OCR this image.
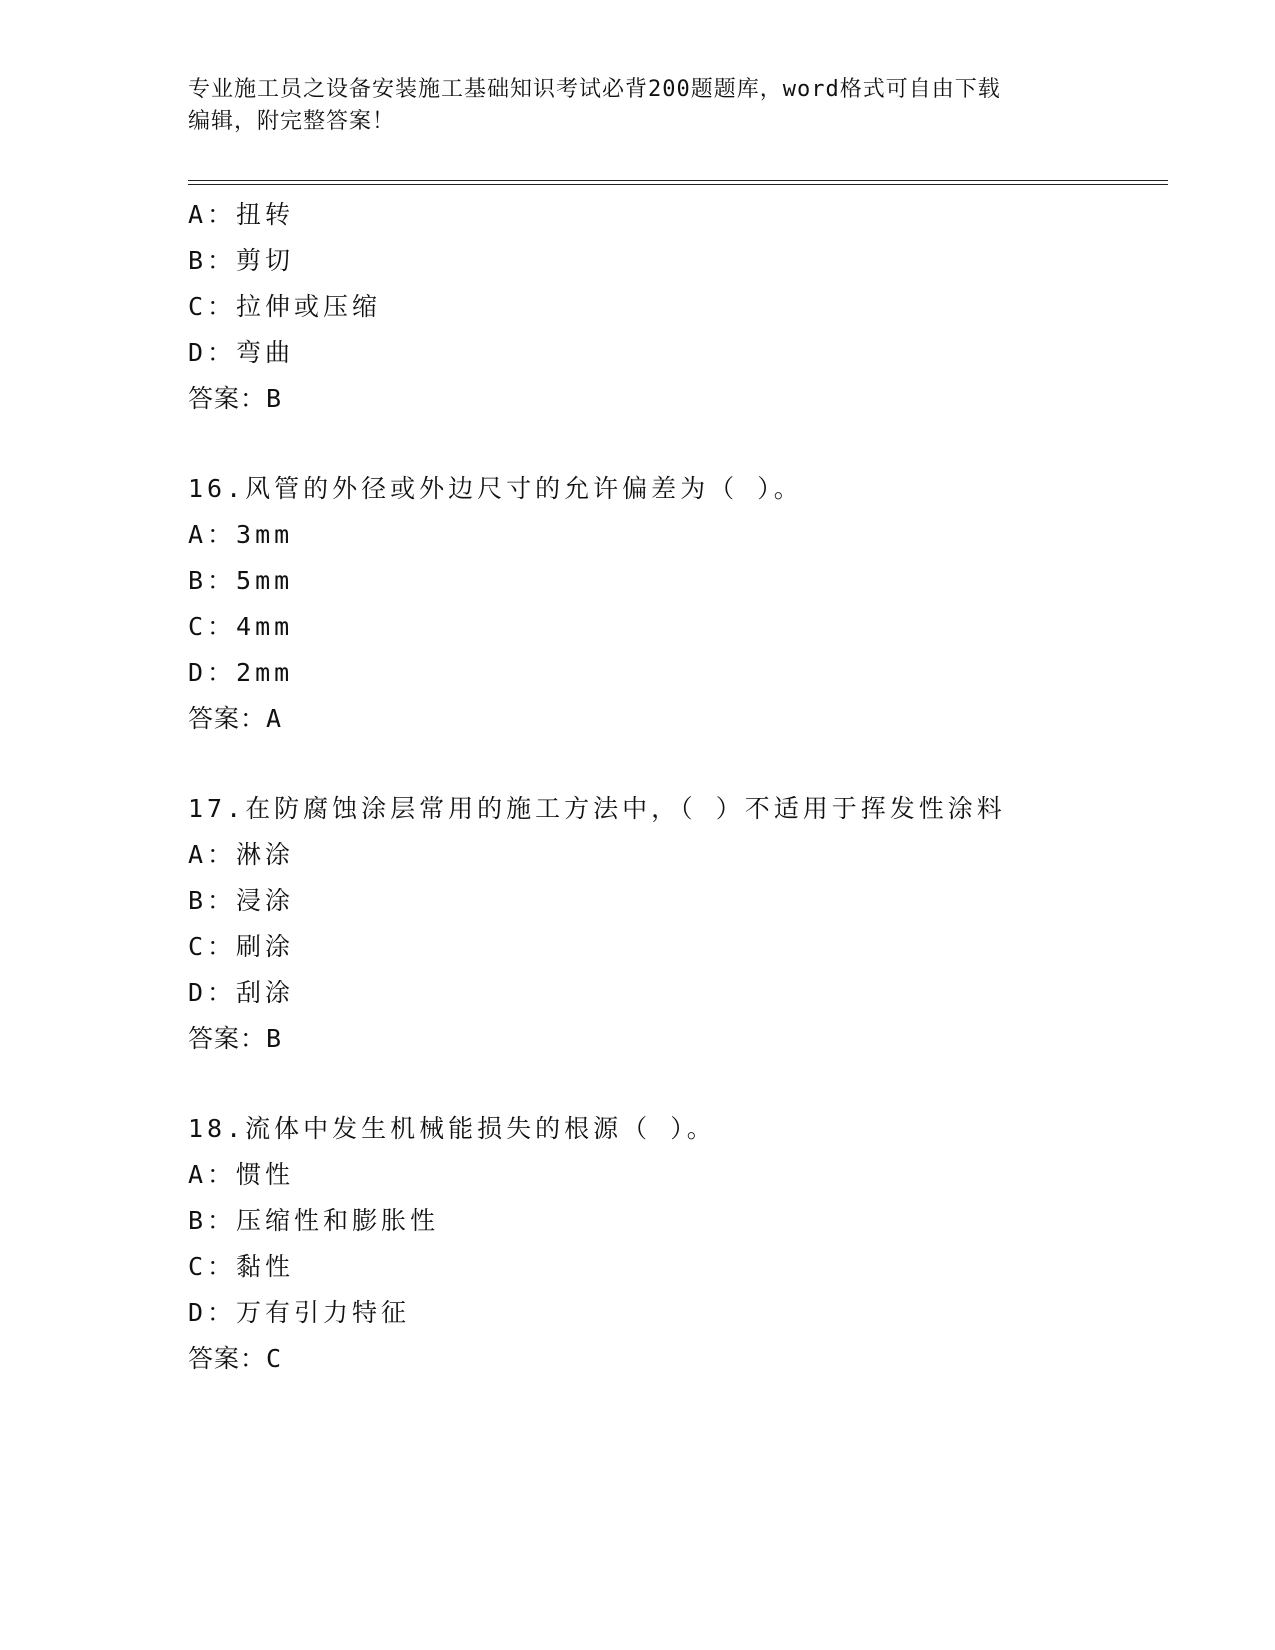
专业施工员之设备安装施工基础知识考试必背200题题库，word格式可自由下载
编辑，附完整答案！
A：扭转
B：剪切
C：拉伸或压缩
D：弯曲
答案：B
16.风管的外径或外边尺寸的允许偏差为（ ）。
A：3mm
B：5mm
C：4mm
D：2mm
答案：A
17.在防腐蚀涂层常用的施工方法中，（ ）不适用于挥发性涂料
A：淋涂
B：浸涂
C：刷涂
D：刮涂
答案：B
18.流体中发生机械能损失的根源（ ）。
A：惯性
B：压缩性和膨胀性
C：黏性
D：万有引力特征
答案：C
